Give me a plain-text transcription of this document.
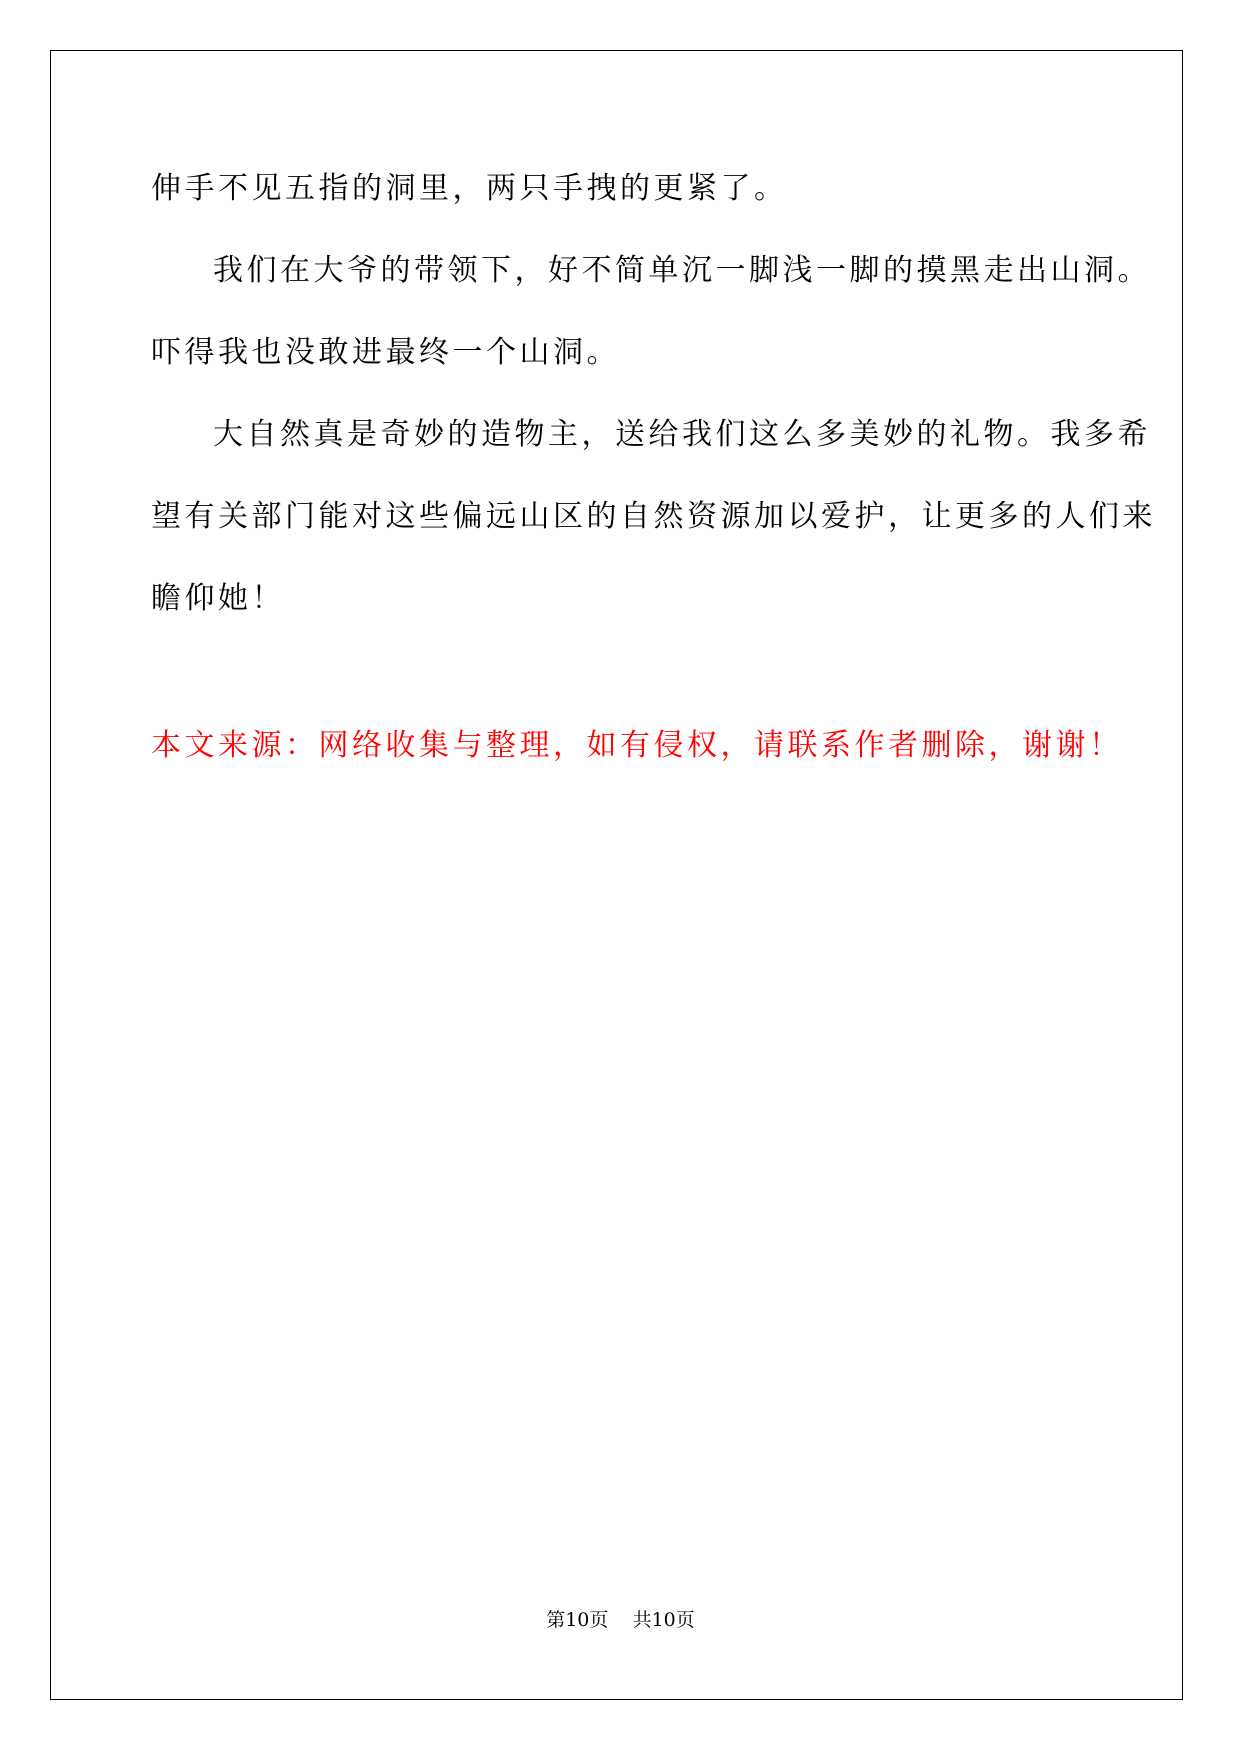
伸手不见五指的洞里，两只手拽的更紧了。
我们在大爷的带领下，好不简单沉一脚浅一脚的摸黑走出山洞。
吓得我也没敢进最终一个山洞。
大自然真是奇妙的造物主，送给我们这么多美妙的礼物。我多希
望有关部门能对这些偏远山区的自然资源加以爱护，让更多的人们来
瞻仰她！
本文来源：网络收集与整理，如有侵权，请联系作者删除，谢谢！
第10页 共10页
